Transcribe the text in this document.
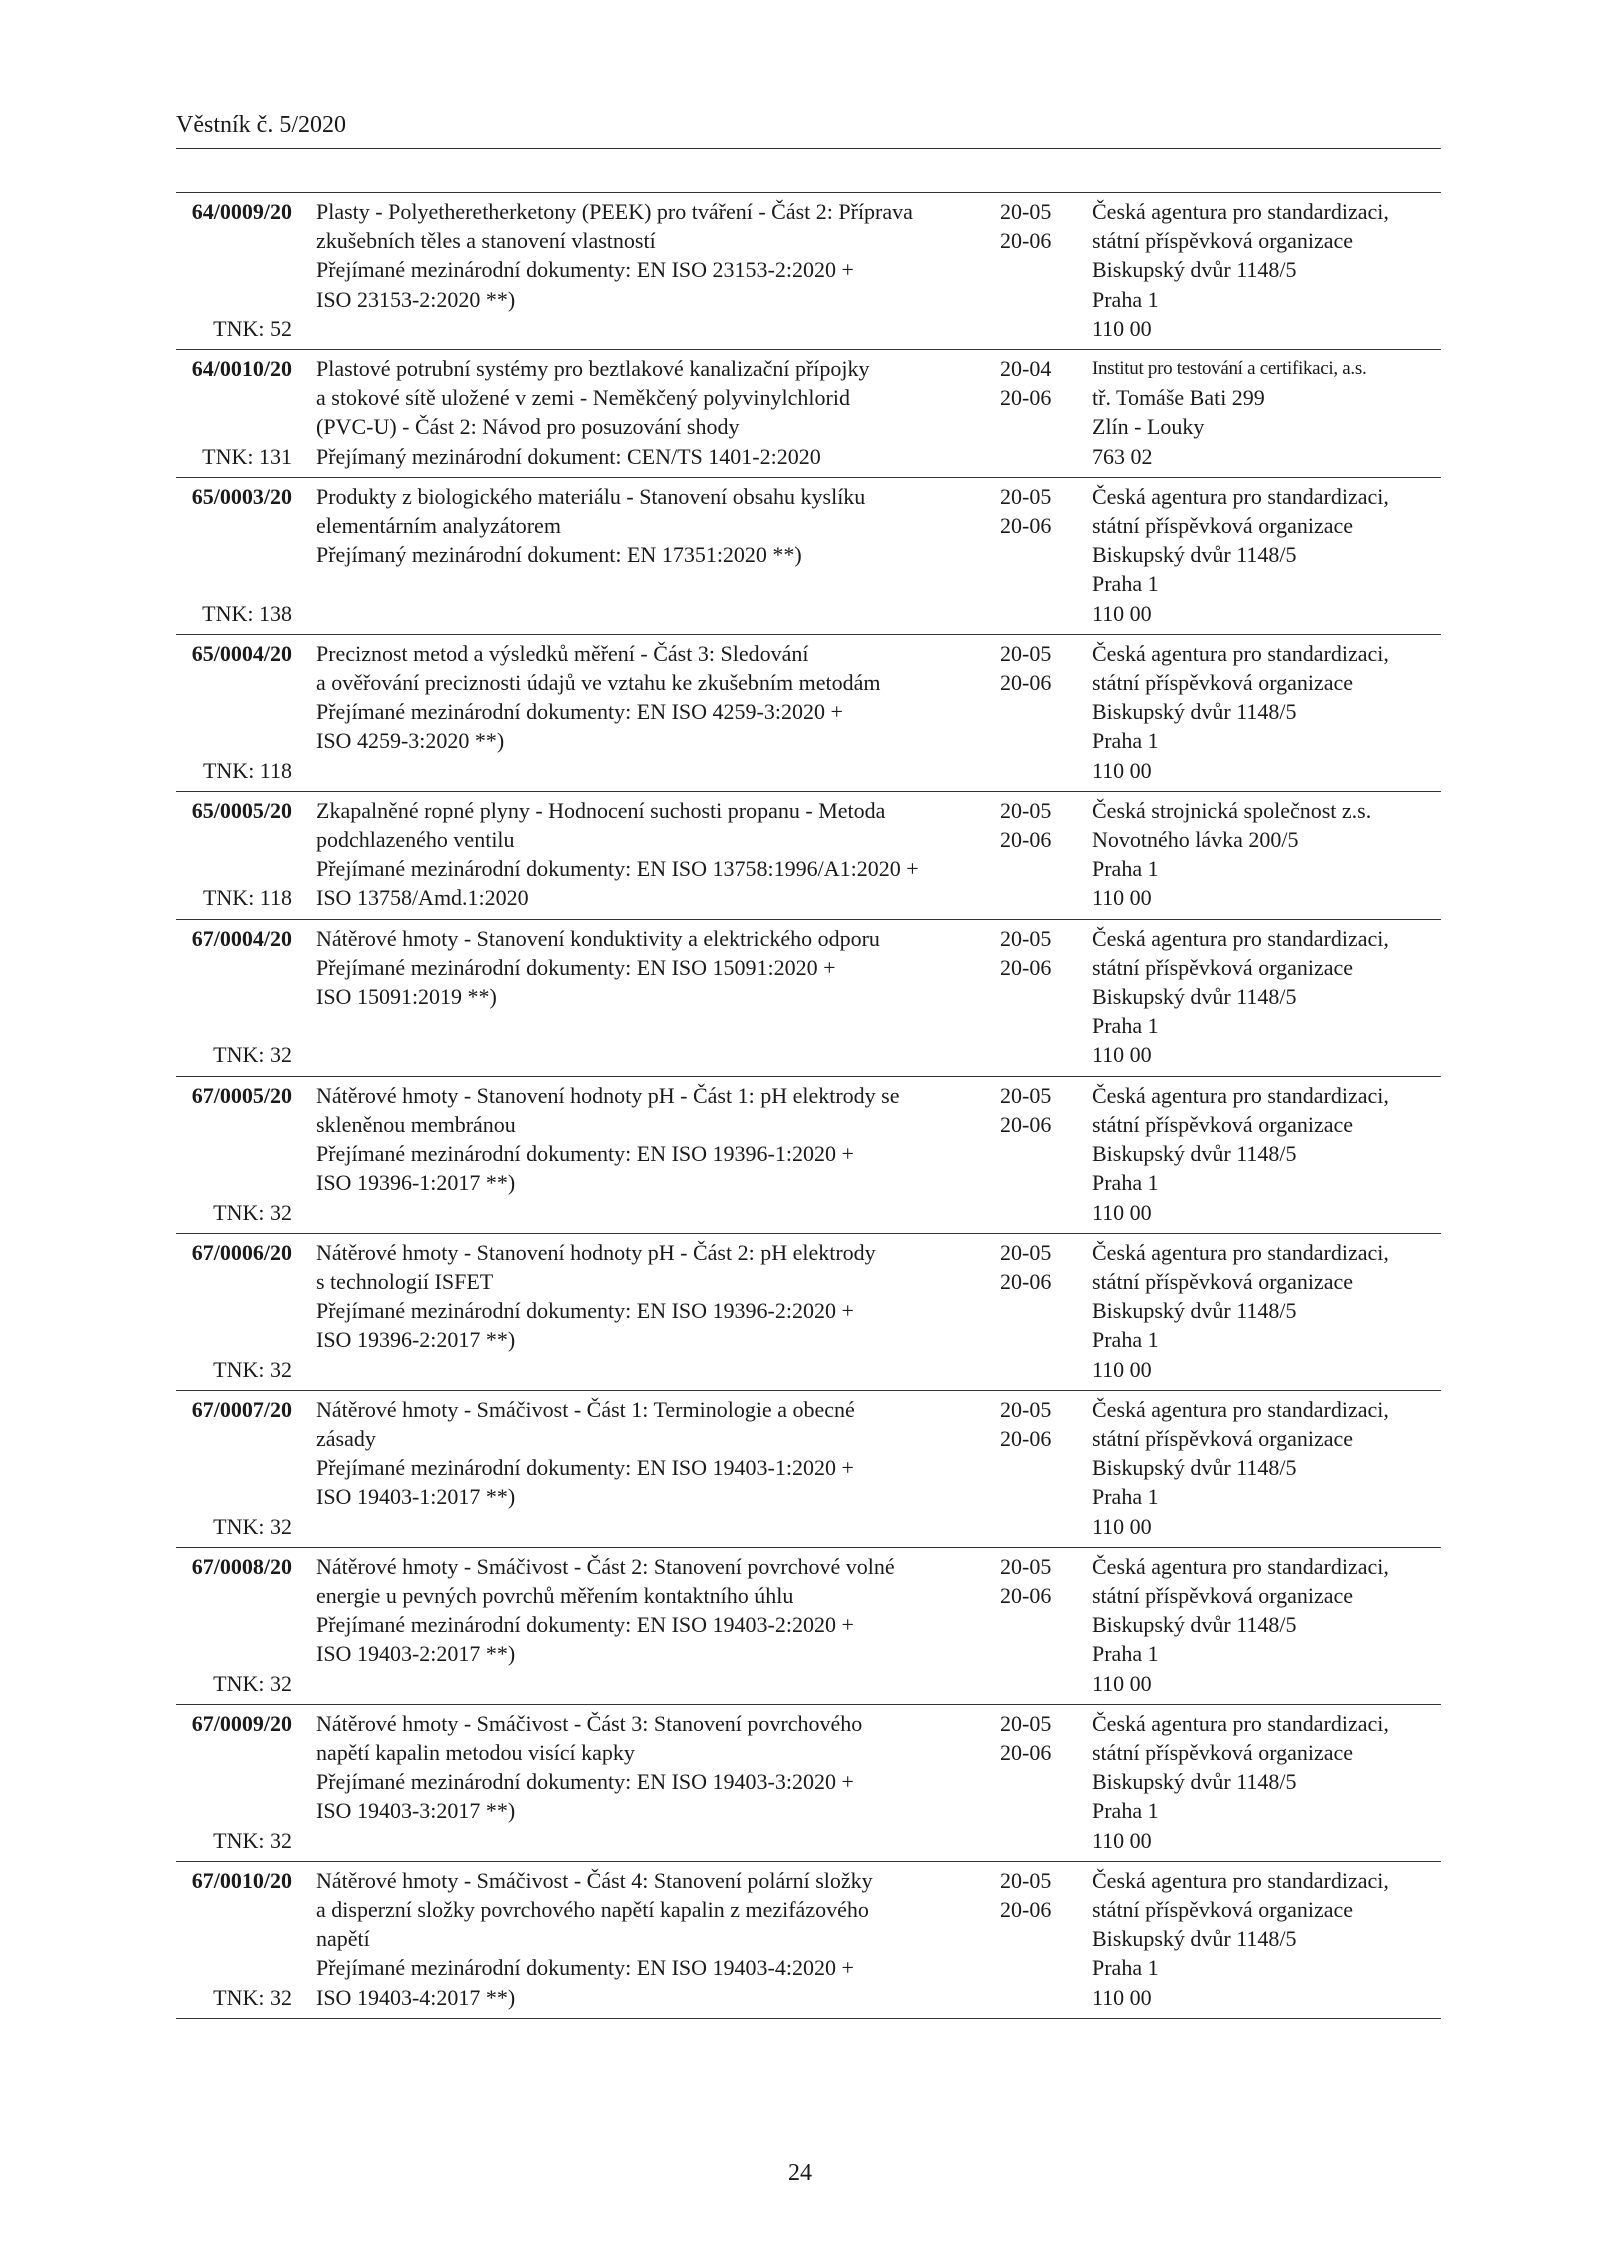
Věstník č. 5/2020
64/0009/20
TNK: 52
Plasty - Polyetheretherketony (PEEK) pro tváření - Část 2: Příprava
zkušebních těles a stanovení vlastností
Přejímané mezinárodní dokumenty: EN ISO 23153-2:2020 +
ISO 23153-2:2020 **)
20-05
20-06
Česká agentura pro standardizaci,
státní příspěvková organizace
Biskupský dvůr 1148/5
Praha 1
110 00
64/0010/20
TNK: 131
Plastové potrubní systémy pro beztlakové kanalizační přípojky
a stokové sítě uložené v zemi - Neměkčený polyvinylchlorid
(PVC-U) - Část 2: Návod pro posuzování shody
Přejímaný mezinárodní dokument: CEN/TS 1401-2:2020
20-04
20-06
Institut pro testování a certifikaci, a.s.
tř. Tomáše Bati 299
Zlín - Louky
763 02
65/0003/20
TNK: 138
Produkty z biologického materiálu - Stanovení obsahu kyslíku
elementárním analyzátorem
Přejímaný mezinárodní dokument: EN 17351:2020 **)
20-05
20-06
Česká agentura pro standardizaci,
státní příspěvková organizace
Biskupský dvůr 1148/5
Praha 1
110 00
65/0004/20
TNK: 118
Preciznost metod a výsledků měření - Část 3: Sledování
a ověřování preciznosti údajů ve vztahu ke zkušebním metodám
Přejímané mezinárodní dokumenty: EN ISO 4259-3:2020 +
ISO 4259-3:2020 **)
20-05
20-06
Česká agentura pro standardizaci,
státní příspěvková organizace
Biskupský dvůr 1148/5
Praha 1
110 00
65/0005/20
TNK: 118
Zkapalněné ropné plyny - Hodnocení suchosti propanu - Metoda
podchlazeného ventilu
Přejímané mezinárodní dokumenty: EN ISO 13758:1996/A1:2020 +
ISO 13758/Amd.1:2020
20-05
20-06
Česká strojnická společnost z.s.
Novotného lávka 200/5
Praha 1
110 00
67/0004/20
TNK: 32
Nátěrové hmoty - Stanovení konduktivity a elektrického odporu
Přejímané mezinárodní dokumenty: EN ISO 15091:2020 +
ISO 15091:2019 **)
20-05
20-06
Česká agentura pro standardizaci,
státní příspěvková organizace
Biskupský dvůr 1148/5
Praha 1
110 00
67/0005/20
TNK: 32
Nátěrové hmoty - Stanovení hodnoty pH - Část 1: pH elektrody se
skleněnou membránou
Přejímané mezinárodní dokumenty: EN ISO 19396-1:2020 +
ISO 19396-1:2017 **)
20-05
20-06
Česká agentura pro standardizaci,
státní příspěvková organizace
Biskupský dvůr 1148/5
Praha 1
110 00
67/0006/20
TNK: 32
Nátěrové hmoty - Stanovení hodnoty pH - Část 2: pH elektrody
s technologií ISFET
Přejímané mezinárodní dokumenty: EN ISO 19396-2:2020 +
ISO 19396-2:2017 **)
20-05
20-06
Česká agentura pro standardizaci,
státní příspěvková organizace
Biskupský dvůr 1148/5
Praha 1
110 00
67/0007/20
TNK: 32
Nátěrové hmoty - Smáčivost - Část 1: Terminologie a obecné
zásady
Přejímané mezinárodní dokumenty: EN ISO 19403-1:2020 +
ISO 19403-1:2017 **)
20-05
20-06
Česká agentura pro standardizaci,
státní příspěvková organizace
Biskupský dvůr 1148/5
Praha 1
110 00
67/0008/20
TNK: 32
Nátěrové hmoty - Smáčivost - Část 2: Stanovení povrchové volné
energie u pevných povrchů měřením kontaktního úhlu
Přejímané mezinárodní dokumenty: EN ISO 19403-2:2020 +
ISO 19403-2:2017 **)
20-05
20-06
Česká agentura pro standardizaci,
státní příspěvková organizace
Biskupský dvůr 1148/5
Praha 1
110 00
67/0009/20
TNK: 32
Nátěrové hmoty - Smáčivost - Část 3: Stanovení povrchového
napětí kapalin metodou visící kapky
Přejímané mezinárodní dokumenty: EN ISO 19403-3:2020 +
ISO 19403-3:2017 **)
20-05
20-06
Česká agentura pro standardizaci,
státní příspěvková organizace
Biskupský dvůr 1148/5
Praha 1
110 00
67/0010/20
TNK: 32
Nátěrové hmoty - Smáčivost - Část 4: Stanovení polární složky
a disperzní složky povrchového napětí kapalin z mezifázového
napětí
Přejímané mezinárodní dokumenty: EN ISO 19403-4:2020 +
ISO 19403-4:2017 **)
20-05
20-06
Česká agentura pro standardizaci,
státní příspěvková organizace
Biskupský dvůr 1148/5
Praha 1
110 00
24
